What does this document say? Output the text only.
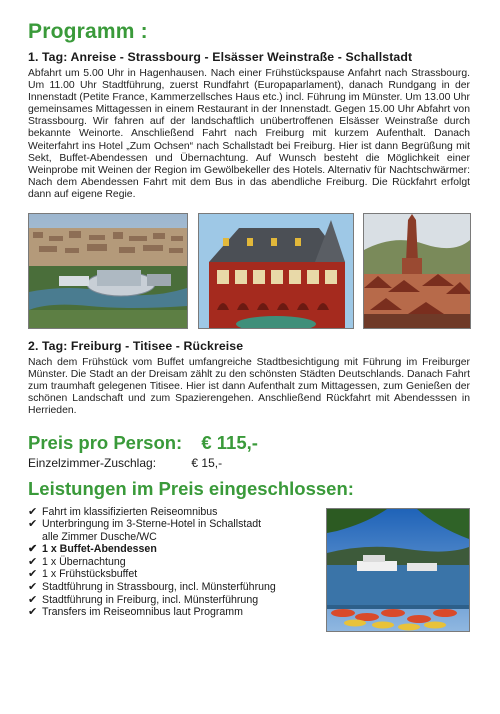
Programm :
1. Tag: Anreise - Strassbourg - Elsässer Weinstraße - Schallstadt

Abfahrt um 5.00 Uhr in Hagenhausen. Nach einer Frühstückspause Anfahrt nach Strassbourg. Um 11.00 Uhr Stadtführung, zuerst Rundfahrt (Europaparlament), danach Rundgang in der Innenstadt (Petite France, Kammerzellsches Haus etc.) incl. Führung im Münster. Um 13.00 Uhr gemeinsames Mittagessen in einem Restaurant in der Innenstadt. Gegen 15.00 Uhr Abfahrt von Strassbourg. Wir fahren auf der landschaftlich unübertroffenen Elsässer Weinstraße durch bekannte Weinorte. Anschließend Fahrt nach Freiburg mit kurzem Aufenthalt. Danach Weiterfahrt ins Hotel „Zum Ochsen“ nach Schallstadt bei Freiburg. Hier ist dann Begrüßung mit Sekt, Buffet-Abendessen und Übernachtung. Auf Wunsch besteht die Möglichkeit einer Weinprobe mit Weinen der Region im Gewölbekeller des Hotels. Alternativ für Nachtschwärmer: Nach dem Abendessen Fahrt mit dem Bus in das abendliche Freiburg. Die Rückfahrt erfolgt dann auf eigene Regie.

2. Tag: Freiburg - Titisee - Rückreise

Nach dem Frühstück vom Buffet umfangreiche Stadtbesichtigung mit Führung im Freiburger Münster. Die Stadt an der Dreisam zählt zu den schönsten Städten Deutschlands. Danach Fahrt zum traumhaft gelegenen Titisee. Hier ist dann Aufenthalt zum Mittagessen, zum Genießen der schönen Landschaft und zum Spazierengehen. Anschließend Rückfahrt mit Abendesssen in Herrieden.

Preis pro Person: € 115,-
Einzelzimmer-Zuschlag:	€ 15,-
Leistungen im Preis eingeschlossen:
✔ Fahrt im klassifizierten Reiseomnibus
✔ Unterbringung im 3-Sterne-Hotel in Schallstadt
alle Zimmer Dusche/WC
✔ 1 x Buffet-Abendessen
✔ 1 x Übernachtung
✔ 1 x Frühstücksbuffet
✔ Stadtführung in Strassbourg, incl. Münsterführung
✔ Stadtführung in Freiburg, incl. Münsterführung
✔ Transfers im Reiseomnibus laut Programm
